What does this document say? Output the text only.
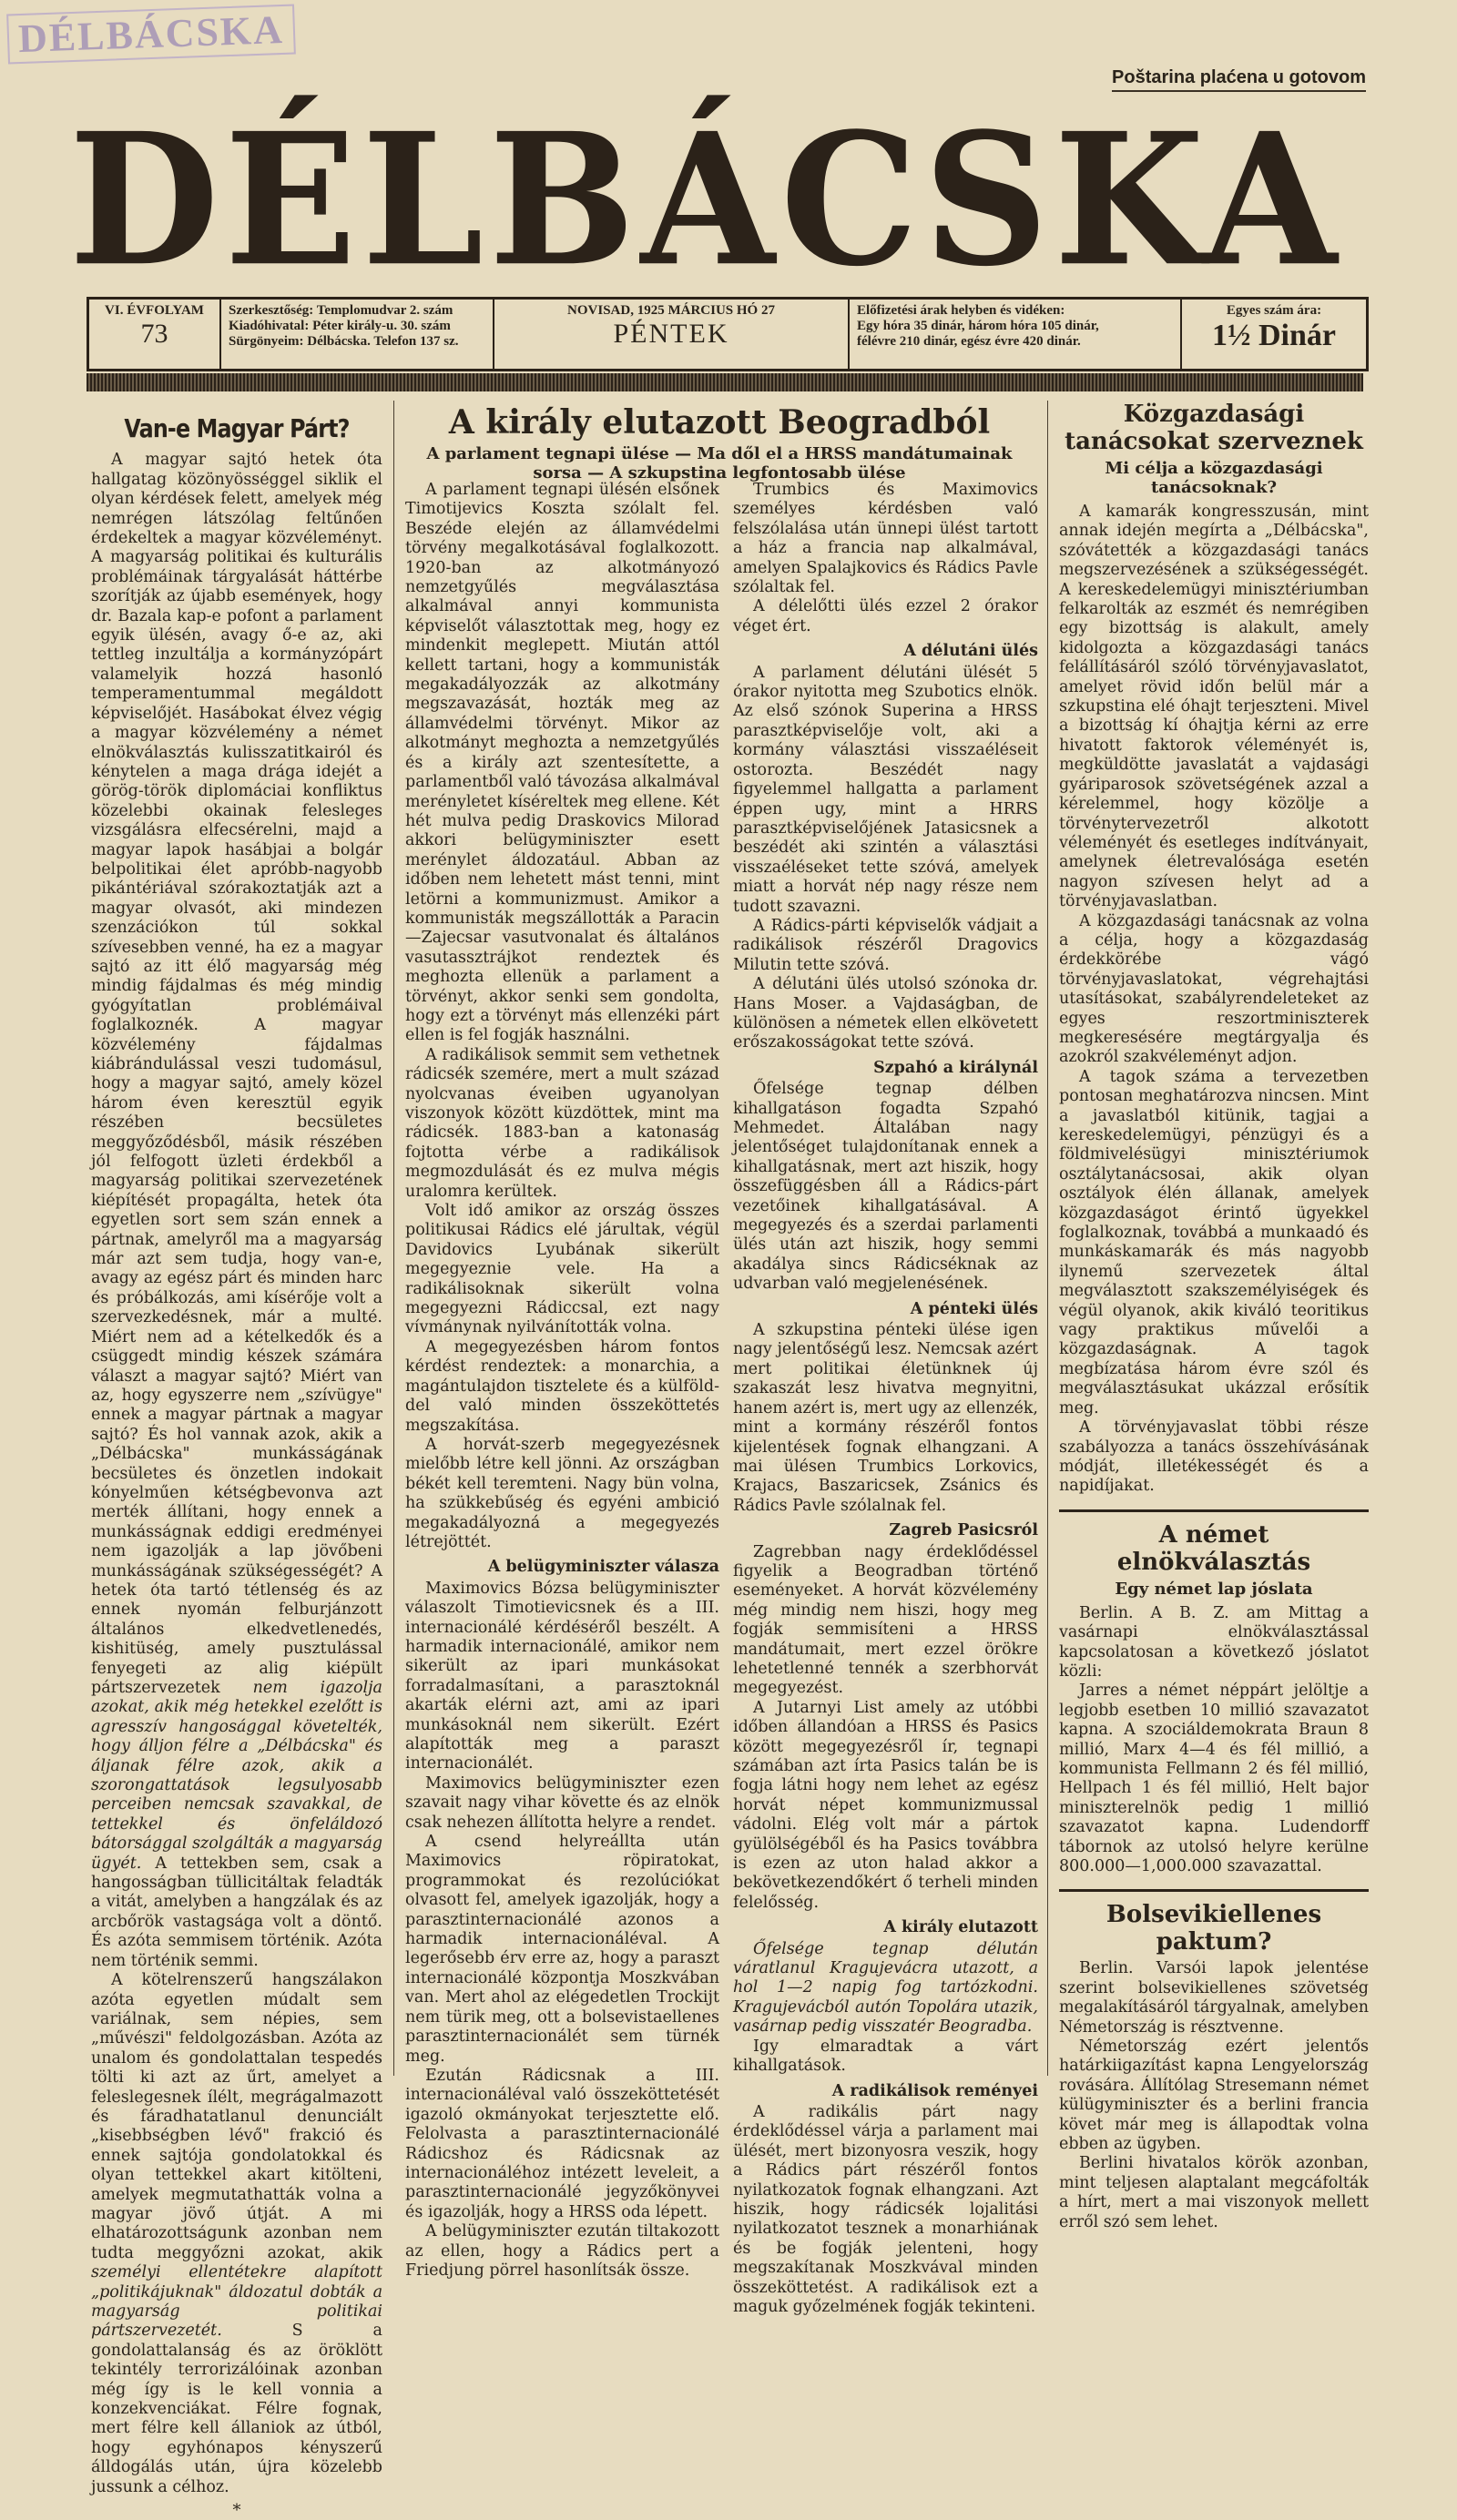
DÉLBÁCSKA
Poštarina plaćena u gotovom
DÉLBÁCSKA
VI. ÉVFOLYAM
73
Szerkesztőség: Templomudvar 2. szám
Kiadóhivatal: Péter király-u. 30. szám
Sürgönyeim: Délbácska. Telefon 137 sz.
NOVISAD, 1925 MÁRCIUS HÓ 27
PÉNTEK
Előfizetési árak helyben és vidéken:
Egy hóra 35 dinár, három hóra 105 dinár,
félévre 210 dinár, egész évre 420 dinár.
Egyes szám ára:
1½ Dinár
Van-e Magyar Párt?

A magyar sajtó hetek óta hallgatag közönyösséggel siklik el olyan kérdések felett, amelyek még nemrégen látszólag feltűnően érdekeltek a magyar közvéleményt. A magyarság politikai és kulturális problémáinak tárgyalását háttérbe szorítják az újabb események, hogy dr. Bazala kap-e pofont a parlament egyik ülésén, avagy ő-e az, aki tettleg inzultálja a kormányzópárt valamelyik hozzá hasonló temperamentummal megáldott képviselőjét. Hasábokat élvez végig a magyar közvélemény a német elnökválasztás kulisszatitkairól és kénytelen a maga drága idejét a görög-török diplomáciai konfliktus közelebbi okainak felesleges vizsgálásra elfecsérelni, majd a magyar lapok hasábjai a bolgár belpolitikai élet apróbb-nagyobb pikántériával szórakoztatják azt a magyar olvasót, aki mindezen szenzációkon túl sokkal szívesebben venné, ha ez a magyar sajtó az itt élő magyarság még mindig fájdalmas és még mindig gyógyítatlan problémáival foglalkoznék. A magyar közvélemény fájdalmas kiábrándulással veszi tudomásul, hogy a magyar sajtó, amely közel három éven keresztül egyik részében becsületes meggyőződésből, másik részében jól felfogott üzleti érdekből a magyarság politikai szervezetének kiépítését propagálta, hetek óta egyetlen sort sem szán ennek a pártnak, amelyről ma a magyarság már azt sem tudja, hogy van-e, avagy az egész párt és minden harc és próbálkozás, ami kísérője volt a szervezkedésnek, már a multé. Miért nem ad a kételkedők és a csüggedt mindig készek számára választ a magyar sajtó? Miért van az, hogy egyszerre nem „szívügye" ennek a magyar pártnak a magyar sajtó? És hol vannak azok, akik a „Délbácska" munkásságának becsületes és önzetlen indokait kónyelműen kétségbevonva azt merték állítani, hogy ennek a munkásságnak eddigi eredményei nem igazolják a lap jövőbeni munkásságának szükségességét? A hetek óta tartó tétlenség és az ennek nyomán felburjánzott általános elkedvetlenedés, kishitüség, amely pusztulással fenyegeti az alig kiépült pártszervezetek nem igazolja azokat, akik még hetekkel ezelőtt is agresszív hangosággal követelték, hogy álljon félre a „Délbácska" és áljanak félre azok, akik a szorongattatások legsulyosabb perceiben nemcsak szavakkal, de tettekkel és önfeláldozó bátorsággal szolgálták a magyarság ügyét. A tettekben sem, csak a hangosságban tüllicitáltak feladták a vitát, amelyben a hangzálak és az arcbőrök vastagsága volt a döntő. És azóta semmisem történik. Azóta nem történik semmi.

A kötelrenszerű hangszálakon azóta egyetlen múdalt sem variálnak, sem népies, sem „művészi" feldolgozásban. Azóta az unalom és gondolattalan tespedés tölti ki azt az űrt, amelyet a feleslegesnek ílélt, megrágalmazott és fáradhatatlanul denunciált „kisebbségben lévő" frakció és ennek sajtója gondolatokkal és olyan tettekkel akart kitölteni, amelyek megmutathatták volna a magyar jövő útját. A mi elhatározottságunk azonban nem tudta meggyőzni azokat, akik személyi ellentétekre alapított „politikájuknak" áldozatul dobták a magyarság politikai pártszervezetét.	S a gondolattalanság és az öröklött tekintély terrorizálóinak azonban még így is le kell vonnia a konzekvenciákat. Félre fognak, mert félre kell állaniok az útból, hogy egyhónapos kényszerű álldogálás után, újra közelebb jussunk a célhoz.

*
A király elutazott Beogradból
A parlament tegnapi ülése — Ma dől el a HRSS mandátumainak
sorsa — A szkupstina legfontosabb ülése

A parlament tegnapi ülésén elsőnek Timotijevics Koszta szólalt fel. Beszéde elején az államvédelmi törvény megalkotásával foglalkozott. 1920-ban az alkotmányozó nemzetgyűlés megválasztása alkalmával annyi kommunista képviselőt választottak meg, hogy ez mindenkit meglepett. Miután attól kellett tartani, hogy a kommunisták megakadályozzák az alkotmány megszavazását, hozták meg az államvédelmi törvényt. Mikor az alkotmányt meghozta a nemzetgyűlés és a király azt szentesítette, a parlamentből való távozása alkalmával merényletet kíséreltek meg ellene. Két hét mulva pedig Draskovics Milorad akkori belügyminiszter esett merénylet áldozatául. Abban az időben nem lehetett mást tenni, mint letörni a kommunizmust. Amikor a kommunisták megszállották a Paracin—Zajecsar vasutvonalat és általános vasutassztrájkot rendeztek és meghozta ellenük a parlament a törvényt, akkor senki sem gondolta, hogy ezt a törvényt más ellenzéki párt ellen is fel fogják használni.

A radikálisok semmit sem vethetnek rádicsék szemére, mert a mult század nyolcvanas éveiben ugyanolyan viszonyok között küzdöttek, mint ma rádicsék. 1883-ban a katonaság fojtotta vérbe a radikálisok megmozdulását és ez mulva mégis uralomra kerültek.

Volt idő amikor az ország összes politikusai Rádics elé járultak, végül Davidovics Lyubának sikerült megegyeznie vele. Ha a radikálisoknak sikerült volna megegyezni Rádiccsal, ezt nagy vívmánynak nyilvánították volna.

A megegyezésben három fontos kérdést rendeztek: a monarchia, a magántulajdon tisztelete és a külfölddel való minden összeköttetés megszakítása.

A horvát-szerb megegyezésnek mielőbb létre kell jönni. Az országban békét kell teremteni. Nagy bün volna, ha szükkebűség és egyéni ambició megakadályozná a megegyezés létrejöttét.

A belügyminiszter válasza

Maximovics Bózsa belügyminiszter válaszolt Timotievicsnek és a III. internacionálé kérdéséről beszélt. A harmadik internacionálé, amikor nem sikerült az ipari munkásokat forradalmasítani, a parasztoknál akarták elérni azt, ami az ipari munkásoknál nem sikerült. Ezért alapították meg a paraszt internacionálét.

Maximovics belügyminiszter ezen szavait nagy vihar követte és az elnök csak nehezen állította helyre a rendet.

A csend helyreállta után Maximovics röpiratokat, programmokat és rezolúciókat olvasott fel, amelyek igazolják, hogy a parasztinternacionálé azonos a harmadik internacionáléval. A legerősebb érv erre az, hogy a paraszt internacionálé központja Moszkvában van. Mert ahol az elégedetlen Trockijt nem türik meg, ott a bolsevistaellenes parasztinternacionálét sem türnék meg.

Ezután Rádicsnak a III. internacionáléval való összeköttetését igazoló okmányokat terjesztette elő. Felolvasta a parasztinternacionálé Rádicshoz és Rádicsnak az internacionáléhoz intézett leveleit, a parasztinternacionálé jegyzőkönyvei és igazolják, hogy a HRSS oda lépett.

A belügyminiszter ezután tiltakozott az ellen, hogy a Rádics pert a Friedjung pörrel hasonlítsák össze.

Trumbics és Maximovics személyes kérdésben való felszólalása után ünnepi ülést tartott a ház a francia nap alkalmával, amelyen Spalajkovics és Rádics Pavle szólaltak fel.

A délelőtti ülés ezzel 2 órakor véget ért.

A délutáni ülés

A parlament délutáni ülését 5 órakor nyitotta meg Szubotics elnök. Az első szónok Superina a HRSS parasztképviselője volt, aki a kormány választási visszaéléseit ostorozta. Beszédét nagy figyelemmel hallgatta a parlament éppen ugy, mint a HRRS parasztképviselőjének Jatasicsnek a beszédét aki szintén a választási visszaéléseket tette szóvá, amelyek miatt a horvát nép nagy része nem tudott szavazni.

A Rádics-párti képviselők vádjait a radikálisok részéről Dragovics Milutin tette szóvá.

A délutáni ülés utolsó szónoka dr. Hans Moser. a Vajdaságban, de különösen a németek ellen elkövetett erőszakosságokat tette szóvá.

Szpahó a királynál

Őfelsége tegnap délben kihallgatáson fogadta Szpahó Mehmedet. Általában nagy jelentőséget tulajdonítanak ennek a kihallgatásnak, mert azt hiszik, hogy összefüggésben áll a Rádics-párt vezetőinek kihallgatásával. A megegyezés és a szerdai parlamenti ülés után azt hiszik, hogy semmi akadálya sincs Rádicséknak az udvarban való megjelenésének.

A pénteki ülés

A szkupstina pénteki ülése igen nagy jelentőségű lesz. Nemcsak azért mert politikai életünknek új szakaszát lesz hivatva megnyitni, hanem azért is, mert ugy az ellenzék, mint a kormány részéről fontos kijelentések fognak elhangzani. A mai ülésen Trumbics Lorkovics, Krajacs, Baszaricsek, Zsánics és Rádics Pavle szólalnak fel.

Zagreb Pasicsról

Zagrebban nagy érdeklődéssel figyelik a Beogradban történő eseményeket. A horvát közvélemény még mindig nem hiszi, hogy meg fogják semmisíteni a HRSS mandátumait, mert ezzel örökre lehetetlenné tennék a szerbhorvát megegyezést.

A Jutarnyi List amely az utóbbi időben állandóan a HRSS és Pasics között megegyezésről ír, tegnapi számában azt írta Pasics talán be is fogja látni hogy nem lehet az egész horvát népet kommunizmussal vádolni. Elég volt már a pártok gyülölségéből és ha Pasics továbbra is ezen az uton halad akkor a bekövetkezendőkért ő terheli minden felelősség.

A király elutazott

Őfelsége tegnap délután váratlanul Kragujevácra utazott, a hol 1—2 napig fog tartózkodni. Kragujevácból autón Topolára utazik, vasárnap pedig visszatér Beogradba.

Igy elmaradtak a várt kihallgatások.

A radikálisok reményei

A radikális párt nagy érdeklődéssel várja a parlament mai ülését, mert bizonyosra veszik, hogy a Rádics párt részéről fontos nyilatkozatok fognak elhangzani. Azt hiszik, hogy rádicsék lojalitási nyilatkozatot tesznek a monarhiának és be fogják jelenteni, hogy megszakítanak Moszkvával minden összeköttetést. A radikálisok ezt a maguk győzelmének fogják tekinteni.

Közgazdasági tanácsokat szerveznek
Mi célja a közgazdasági tanácsoknak?

A kamarák kongresszusán, mint annak idején megírta a „Délbácska", szóvátették a közgazdasági tanács megszervezésének a szükségességét. A kereskedelemügyi minisztériumban felkarolták az eszmét és nemrégiben egy bizottság is alakult, amely kidolgozta a közgazdasági tanács felállításáról szóló törvényjavaslatot, amelyet rövid időn belül már a szkupstina elé óhajt terjeszteni. Mivel a bizottság kí óhajtja kérni az erre hivatott faktorok véleményét is, megküldötte javaslatát a vajdasági gyáriparosok szövetségének azzal a kérelemmel, hogy közölje a törvénytervezetről alkotott véleményét és esetleges indítványait, amelynek életrevalósága esetén nagyon szívesen helyt ad a törvényjavaslatban.

A közgazdasági tanácsnak az volna a célja, hogy a közgazdaság érdekkörébe vágó törvényjavaslatokat, végrehajtási utasításokat, szabályrendeleteket az egyes reszortminiszterek megkeresésére megtárgyalja és azokról szakvéleményt adjon.

A tagok száma a tervezetben pontosan meghatározva nincsen. Mint a javaslatból kitünik, tagjai a kereskedelemügyi, pénzügyi és a földmivelésügyi minisztériumok osztálytanácsosai, akik olyan osztályok élén állanak, amelyek közgazdaságot érintő ügyekkel foglalkoznak, továbbá a munkaadó és munkáskamarák és más nagyobb ilynemű szervezetek által megválasztott szakszemélyiségek és végül olyanok, akik kiváló teoritikus vagy praktikus művelői a közgazdaságnak. A tagok megbízatása három évre szól és megválasztásukat ukázzal erősítik meg.

A törvényjavaslat többi része szabályozza a tanács összehívásának módját, illetékességét és a napidíjakat.

A német elnökválasztás
Egy német lap jóslata

Berlin. A B. Z. am Mittag a vasárnapi elnökválasztással kapcsolatosan a következő jóslatot közli:

Jarres a német néppárt jelöltje a legjobb esetben 10 millió szavazatot kapna. A szociáldemokrata Braun 8 millió, Marx 4—4 és fél millió, a kommunista Fellmann 2 és fél millió, Hellpach 1 és fél millió, Helt bajor miniszterelnök pedig 1 millió szavazatot kapna. Ludendorff tábornok az utolsó helyre kerülne 800.000—1,000.000 szavazattal.

Bolsevikiellenes paktum?

Berlin. Varsói lapok jelentése szerint bolsevikiellenes szövetség megalakításáról tárgyalnak, amelyben Németország is résztvenne.

Németország ezért jelentős határkiigazítást kapna Lengyelország rovására. Állítólag Stresemann német külügyminiszter és a berlini francia követ már meg is állapodtak volna ebben az ügyben.

Berlini hivatalos körök azonban, mint teljesen alaptalant megcáfolták a hírt, mert a mai viszonyok mellett erről szó sem lehet.
